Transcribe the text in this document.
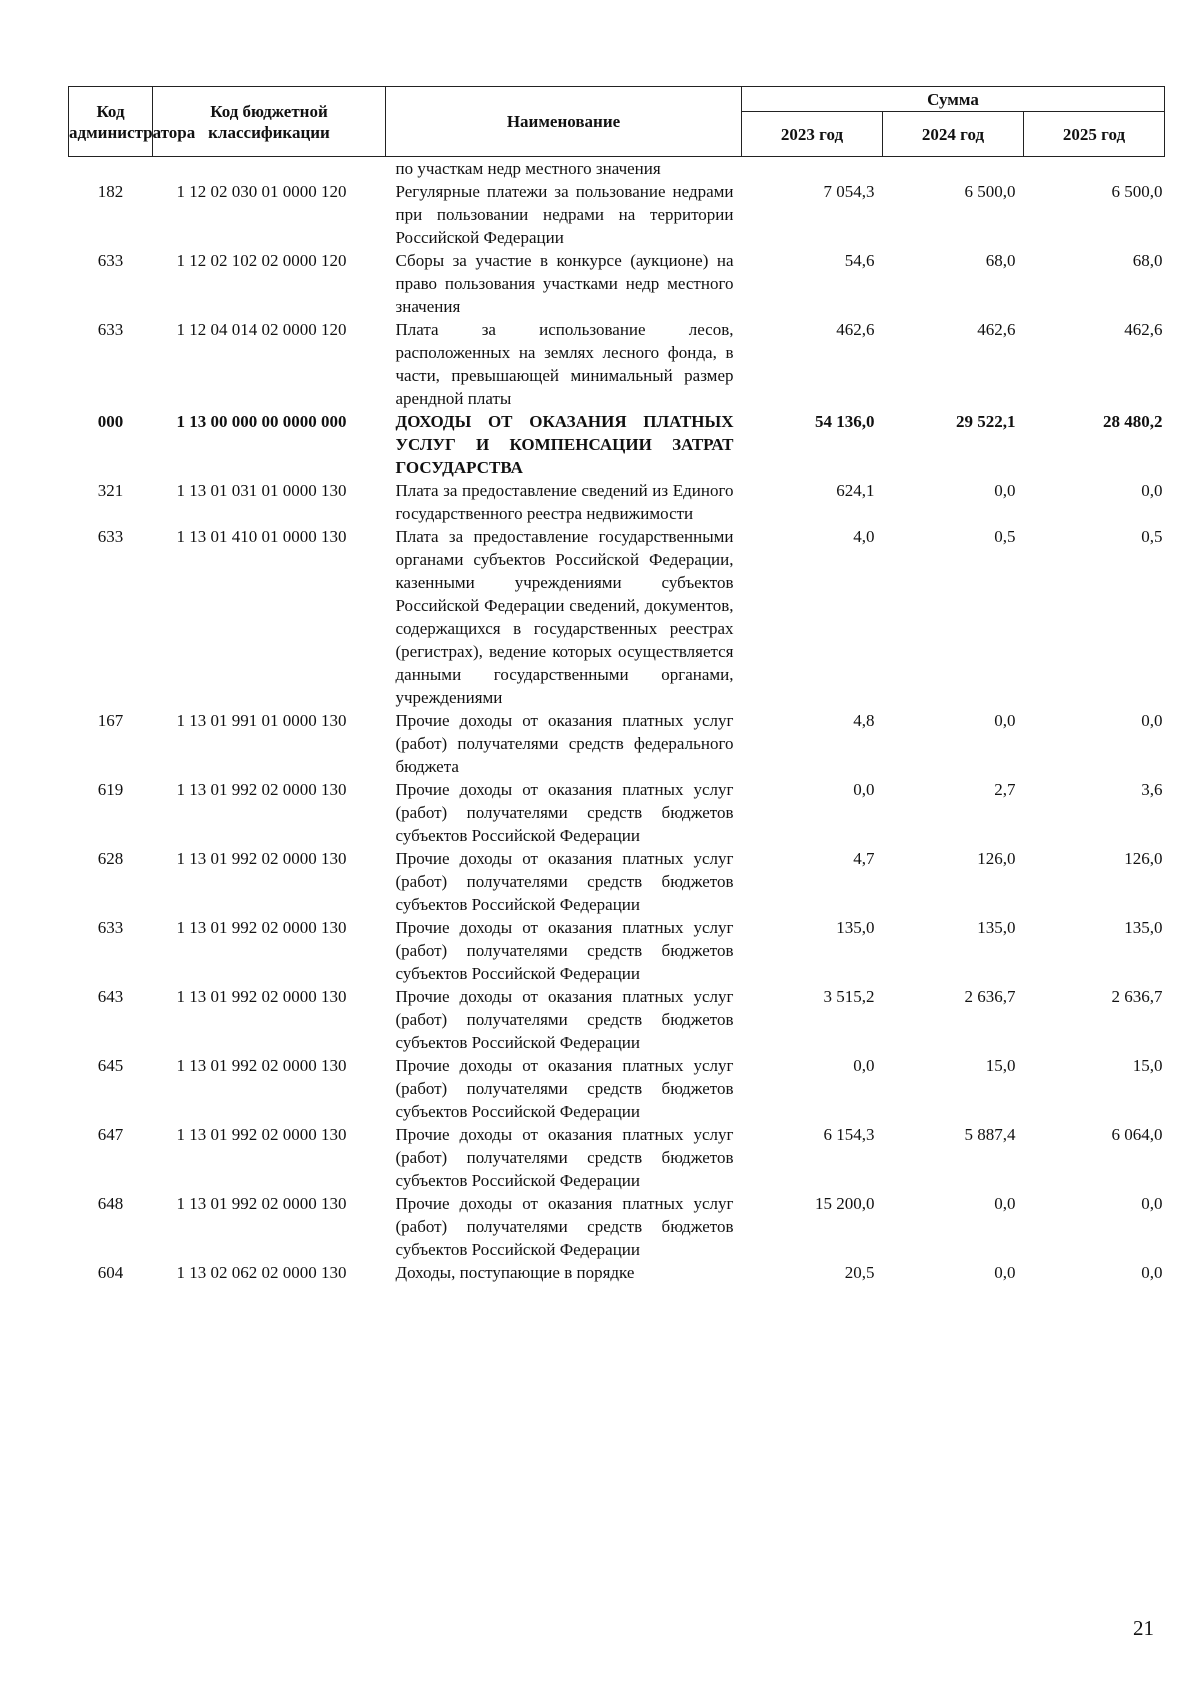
Код администратора	Код бюджетной классификации	Наименование	Сумма		
			2023 год	2024 год	2025 год
		по участкам недр местного значения			
182	1 12 02 030 01 0000 120	Регулярные платежи за пользование недрами при пользовании недрами на территории Российской Федерации	7 054,3	6 500,0	6 500,0
633	1 12 02 102 02 0000 120	Сборы за участие в конкурсе (аукционе) на право пользования участками недр местного значения	54,6	68,0	68,0
633	1 12 04 014 02 0000 120	Плата за использование лесов, расположенных на землях лесного фонда, в части, превышающей минимальный размер арендной платы	462,6	462,6	462,6
000	1 13 00 000 00 0000 000	ДОХОДЫ ОТ ОКАЗАНИЯ ПЛАТНЫХ УСЛУГ И КОМПЕНСАЦИИ ЗАТРАТ ГОСУДАРСТВА	54 136,0	29 522,1	28 480,2
321	1 13 01 031 01 0000 130	Плата за предоставление сведений из Единого государственного реестра недвижимости	624,1	0,0	0,0
633	1 13 01 410 01 0000 130	Плата за предоставление государственными органами субъектов Российской Федерации, казенными учреждениями субъектов Российской Федерации сведений, документов, содержащихся в государственных реестрах (регистрах), ведение которых осуществляется данными государственными органами, учреждениями	4,0	0,5	0,5
167	1 13 01 991 01 0000 130	Прочие доходы от оказания платных услуг (работ) получателями средств федерального бюджета	4,8	0,0	0,0
619	1 13 01 992 02 0000 130	Прочие доходы от оказания платных услуг (работ) получателями средств бюджетов субъектов Российской Федерации	0,0	2,7	3,6
628	1 13 01 992 02 0000 130	Прочие доходы от оказания платных услуг (работ) получателями средств бюджетов субъектов Российской Федерации	4,7	126,0	126,0
633	1 13 01 992 02 0000 130	Прочие доходы от оказания платных услуг (работ) получателями средств бюджетов субъектов Российской Федерации	135,0	135,0	135,0
643	1 13 01 992 02 0000 130	Прочие доходы от оказания платных услуг (работ) получателями средств бюджетов субъектов Российской Федерации	3 515,2	2 636,7	2 636,7
645	1 13 01 992 02 0000 130	Прочие доходы от оказания платных услуг (работ) получателями средств бюджетов субъектов Российской Федерации	0,0	15,0	15,0
647	1 13 01 992 02 0000 130	Прочие доходы от оказания платных услуг (работ) получателями средств бюджетов субъектов Российской Федерации	6 154,3	5 887,4	6 064,0
648	1 13 01 992 02 0000 130	Прочие доходы от оказания платных услуг (работ) получателями средств бюджетов субъектов Российской Федерации	15 200,0	0,0	0,0
604	1 13 02 062 02 0000 130	Доходы, поступающие в порядке	20,5	0,0	0,0
21
